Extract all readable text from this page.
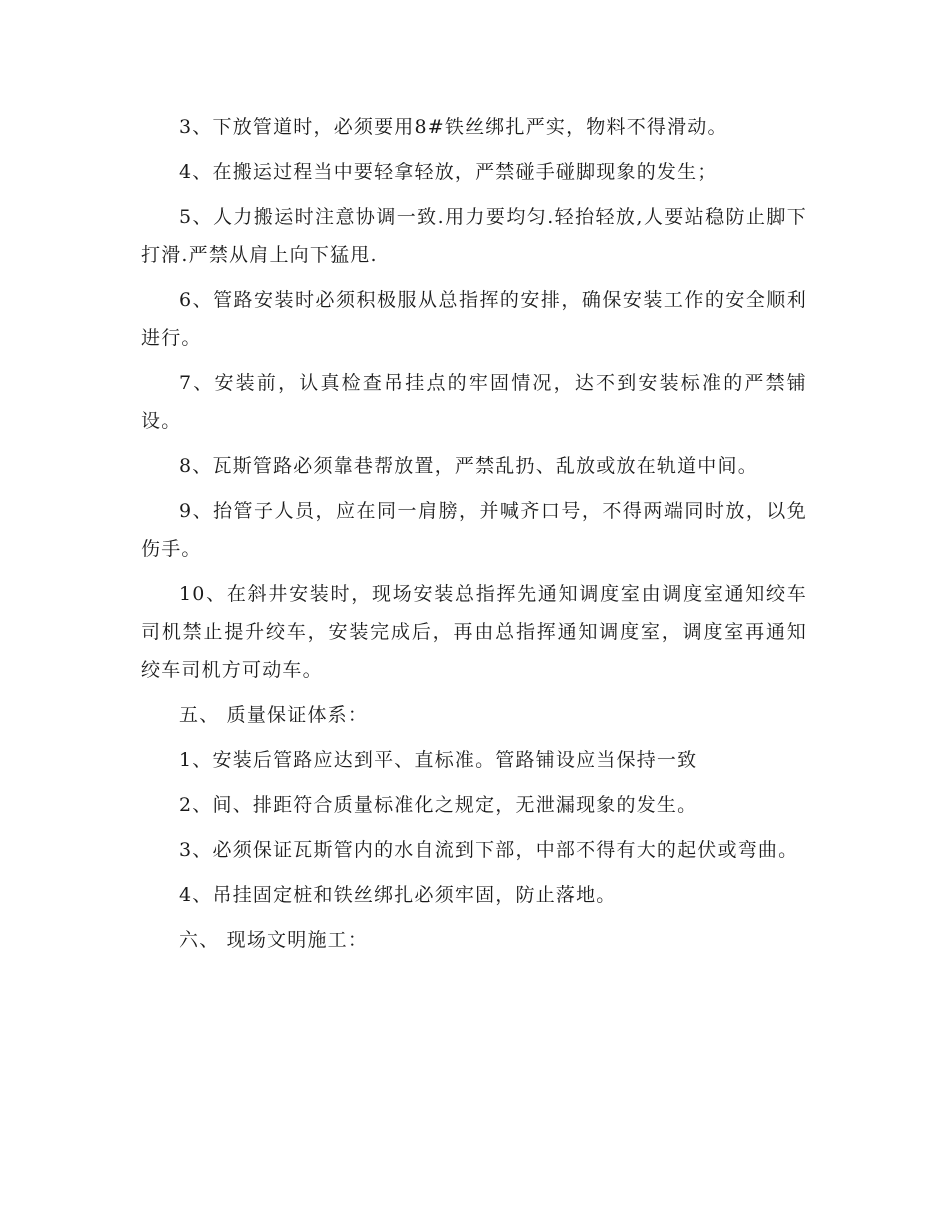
3、下放管道时，必须要用8#铁丝绑扎严实，物料不得滑动。

4、在搬运过程当中要轻拿轻放，严禁碰手碰脚现象的发生；

5、人力搬运时注意协调一致.用力要均匀.轻抬轻放,人要站稳防止脚下打滑.严禁从肩上向下猛甩.

6、管路安装时必须积极服从总指挥的安排，确保安装工作的安全顺利进行。

7、安装前，认真检查吊挂点的牢固情况，达不到安装标准的严禁铺设。

8、瓦斯管路必须靠巷帮放置，严禁乱扔、乱放或放在轨道中间。

9、抬管子人员，应在同一肩膀，并喊齐口号，不得两端同时放，以免伤手。

10、在斜井安装时，现场安装总指挥先通知调度室由调度室通知绞车司机禁止提升绞车，安装完成后，再由总指挥通知调度室，调度室再通知绞车司机方可动车。

五、 质量保证体系：

1、安装后管路应达到平、直标准。管路铺设应当保持一致

2、间、排距符合质量标准化之规定，无泄漏现象的发生。

3、必须保证瓦斯管内的水自流到下部，中部不得有大的起伏或弯曲。

4、吊挂固定桩和铁丝绑扎必须牢固，防止落地。

六、 现场文明施工：
